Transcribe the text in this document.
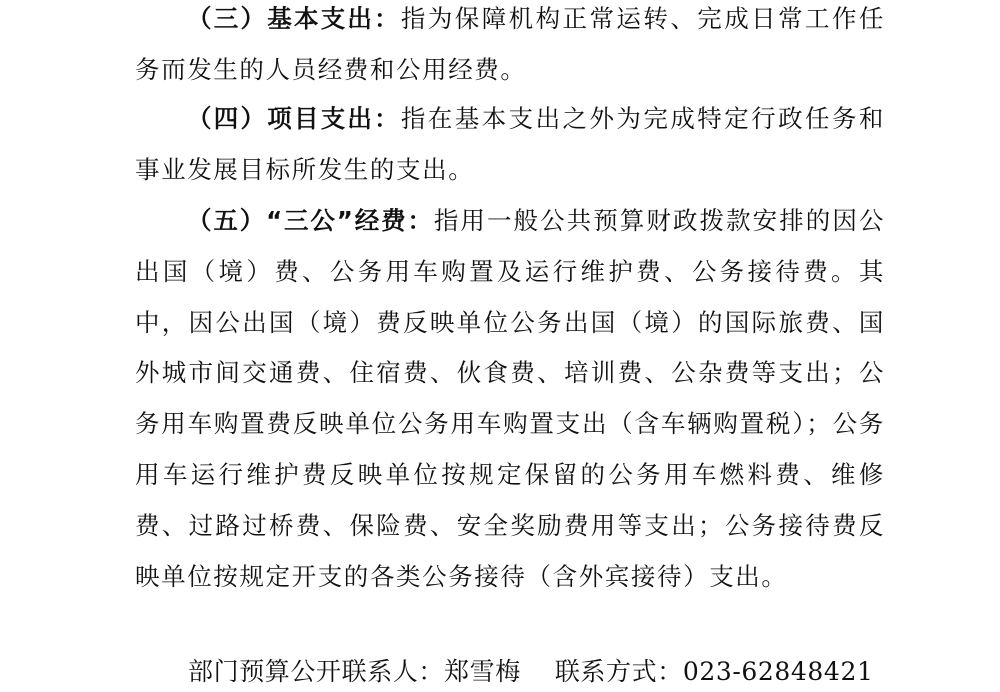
（三）基本支出：指为保障机构正常运转、完成日常工作任务而发生的人员经费和公用经费。

（四）项目支出：指在基本支出之外为完成特定行政任务和事业发展目标所发生的支出。

（五）“三公”经费：指用一般公共预算财政拨款安排的因公出国（境）费、公务用车购置及运行维护费、公务接待费。其中，因公出国（境）费反映单位公务出国（境）的国际旅费、国外城市间交通费、住宿费、伙食费、培训费、公杂费等支出；公务用车购置费反映单位公务用车购置支出（含车辆购置税）；公务用车运行维护费反映单位按规定保留的公务用车燃料费、维修费、过路过桥费、保险费、安全奖励费用等支出；公务接待费反映单位按规定开支的各类公务接待（含外宾接待）支出。

部门预算公开联系人：郑雪梅 联系方式：023-62848421
